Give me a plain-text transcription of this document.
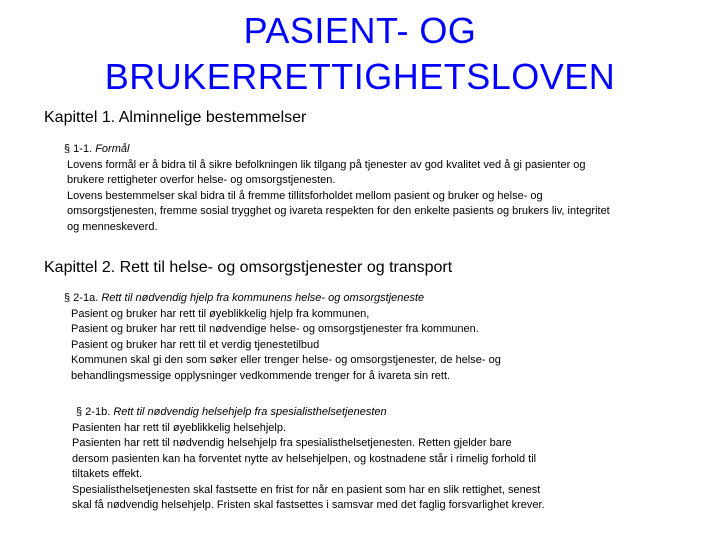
PASIENT- OG
BRUKERRETTIGHETSLOVEN
Kapittel 1. Alminnelige bestemmelser
§ 1-1. Formål
Lovens formål er å bidra til å sikre befolkningen lik tilgang på tjenester av god kvalitet ved å gi pasienter og
brukere rettigheter overfor helse- og omsorgstjenesten.
Lovens bestemmelser skal bidra til å fremme tillitsforholdet mellom pasient og bruker og helse- og
omsorgstjenesten, fremme sosial trygghet og ivareta respekten for den enkelte pasients og brukers liv, integritet
og menneskeverd.
Kapittel 2. Rett til helse- og omsorgstjenester og transport
§ 2-1a. Rett til nødvendig hjelp fra kommunens helse- og omsorgstjeneste
Pasient og bruker har rett til øyeblikkelig hjelp fra kommunen,
Pasient og bruker har rett til nødvendige helse- og omsorgstjenester fra kommunen.
Pasient og bruker har rett til et verdig tjenestetilbud
Kommunen skal gi den som søker eller trenger helse- og omsorgstjenester, de helse- og
behandlingsmessige opplysninger vedkommende trenger for å ivareta sin rett.
§ 2-1b. Rett til nødvendig helsehjelp fra spesialisthelsetjenesten
Pasienten har rett til øyeblikkelig helsehjelp.
Pasienten har rett til nødvendig helsehjelp fra spesialisthelsetjenesten. Retten gjelder bare
dersom pasienten kan ha forventet nytte av helsehjelpen, og kostnadene står i rimelig forhold til
tiltakets effekt.
Spesialisthelsetjenesten skal fastsette en frist for når en pasient som har en slik rettighet, senest
skal få nødvendig helsehjelp. Fristen skal fastsettes i samsvar med det faglig forsvarlighet krever.
